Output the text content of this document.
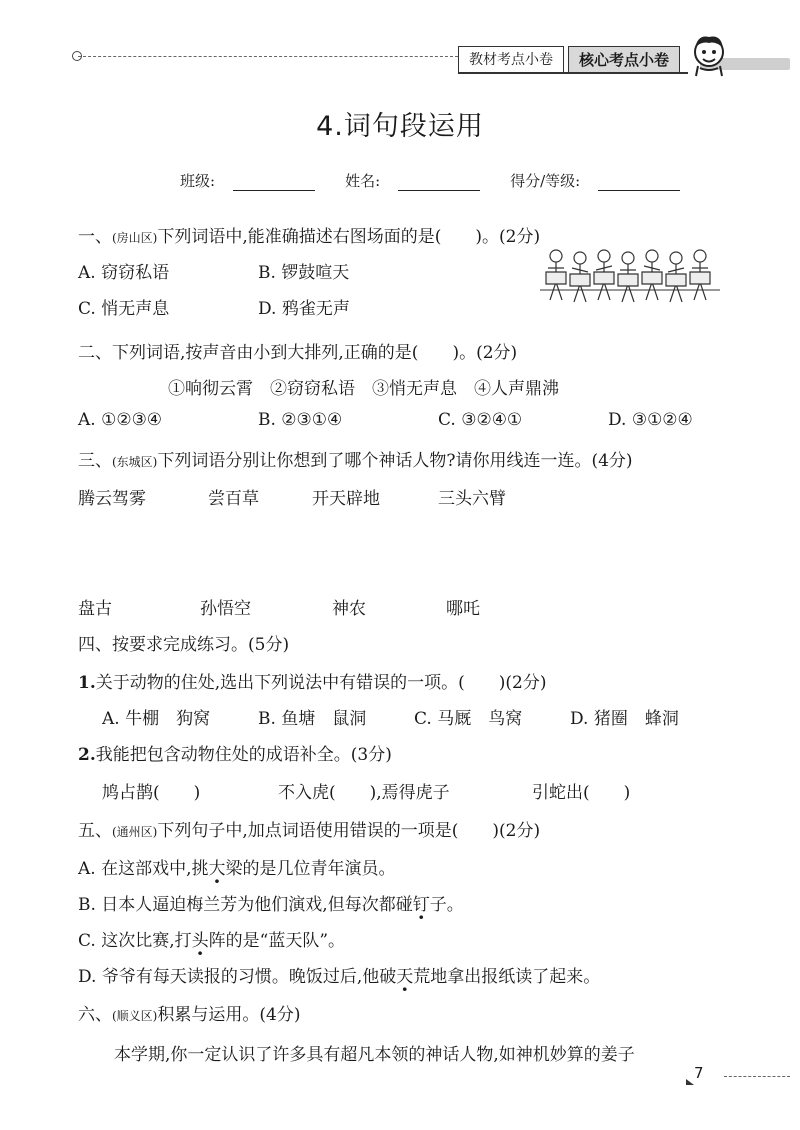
教材考点小卷	核心考点小卷
4.词句段运用
班级:	姓名:	得分/等级:
一、(房山区)下列词语中,能准确描述右图场面的是(　　)。(2分)
A. 窃窃私语	B. 锣鼓喧天
C. 悄无声息	D. 鸦雀无声
二、下列词语,按声音由小到大排列,正确的是(　　)。(2分)
①响彻云霄　②窃窃私语　③悄无声息　④人声鼎沸
A. ①②③④	B. ②③①④	C. ③②④①	D. ③①②④
三、(东城区)下列词语分别让你想到了哪个神话人物?请你用线连一连。(4分)
腾云驾雾	尝百草	开天辟地	三头六臂
盘古	孙悟空	神农	哪吒
四、按要求完成练习。(5分)
1.关于动物的住处,选出下列说法中有错误的一项。(　　)(2分)
A. 牛棚　狗窝	B. 鱼塘　鼠洞	C. 马厩　鸟窝	D. 猪圈　蜂洞
2.我能把包含动物住处的成语补全。(3分)
鸠占鹊(　　)	不入虎(　　),焉得虎子	引蛇出(　　)
五、(通州区)下列句子中,加点词语使用错误的一项是(　　)(2分)
A. 在这部戏中,挑大梁的是几位青年演员。
B. 日本人逼迫梅兰芳为他们演戏,但每次都碰钉子。
C. 这次比赛,打头阵的是“蓝天队”。
D. 爷爷有每天读报的习惯。晚饭过后,他破天荒地拿出报纸读了起来。
六、(顺义区)积累与运用。(4分)
本学期,你一定认识了许多具有超凡本领的神话人物,如神机妙算的姜子
7
